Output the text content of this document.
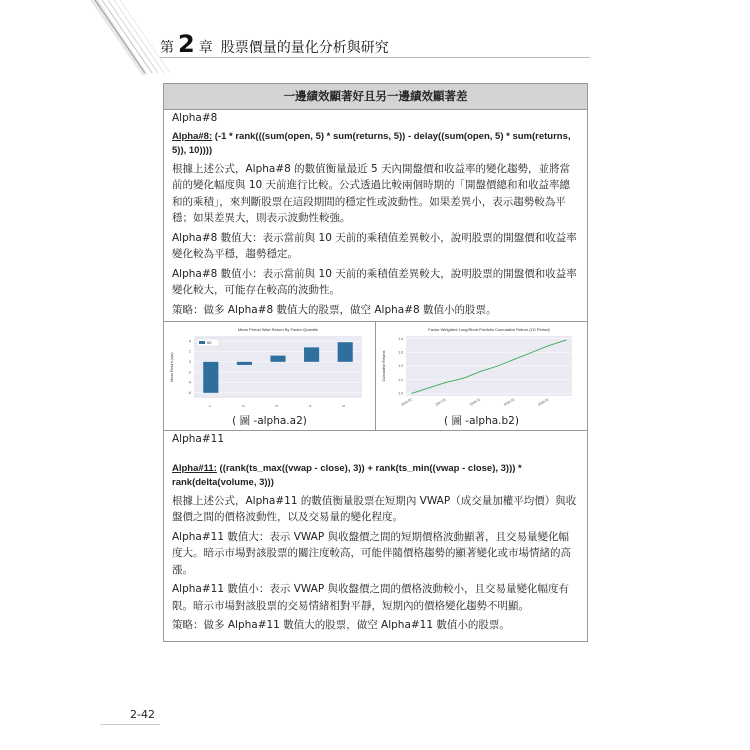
第 2 章 股票價量的量化分析與研究
一邊績效顯著好且另一邊績效顯著差

Alpha#8

Alpha#8: (-1 * rank(((sum(open, 5) * sum(returns, 5)) - delay((sum(open, 5) * sum(returns, 5)), 10))))

根據上述公式，Alpha#8 的數值衡量最近 5 天內開盤價和收益率的變化趨勢，並將當前的變化幅度與 10 天前進行比較。公式透過比較兩個時期的「開盤價總和和收益率總和的乘積」，來判斷股票在這段期間的穩定性或波動性。如果差異小，表示趨勢較為平穩；如果差異大，則表示波動性較強。

Alpha#8 數值大：表示當前與 10 天前的乘積值差異較小，說明股票的開盤價和收益率變化較為平穩，趨勢穩定。

Alpha#8 數值小：表示當前與 10 天前的乘積值差異較大，說明股票的開盤價和收益率變化較大，可能存在較高的波動性。

策略：做多 Alpha#8 數值大的股票，做空 Alpha#8 數值小的股票。

Mean Period Wise Return By Factor Quantile
Mean Return (bps)
4
2
0
-2
-4
-6
1	2	3	4	5
5D
( 圖 -alpha.a2)
Factor Weighted Long/Short Portfolio Cumulative Return (1D Period)
Cumulative Returns
1.4
1.3
1.2
1.1
1.0
2016-01	2017-01	2018-01	2019-01	2020-01
( 圖 -alpha.b2)

Alpha#11

Alpha#11: ((rank(ts_max((vwap - close), 3)) + rank(ts_min((vwap - close), 3))) * rank(delta(volume, 3)))

根據上述公式，Alpha#11 的數值衡量股票在短期內 VWAP（成交量加權平均價）與收盤價之間的價格波動性，以及交易量的變化程度。

Alpha#11 數值大：表示 VWAP 與收盤價之間的短期價格波動顯著，且交易量變化幅度大。暗示市場對該股票的關注度較高，可能伴隨價格趨勢的顯著變化或市場情緒的高漲。

Alpha#11 數值小：表示 VWAP 與收盤價之間的價格波動較小，且交易量變化幅度有限。暗示市場對該股票的交易情緒相對平靜，短期內的價格變化趨勢不明顯。

策略：做多 Alpha#11 數值大的股票，做空 Alpha#11 數值小的股票。

2-42
